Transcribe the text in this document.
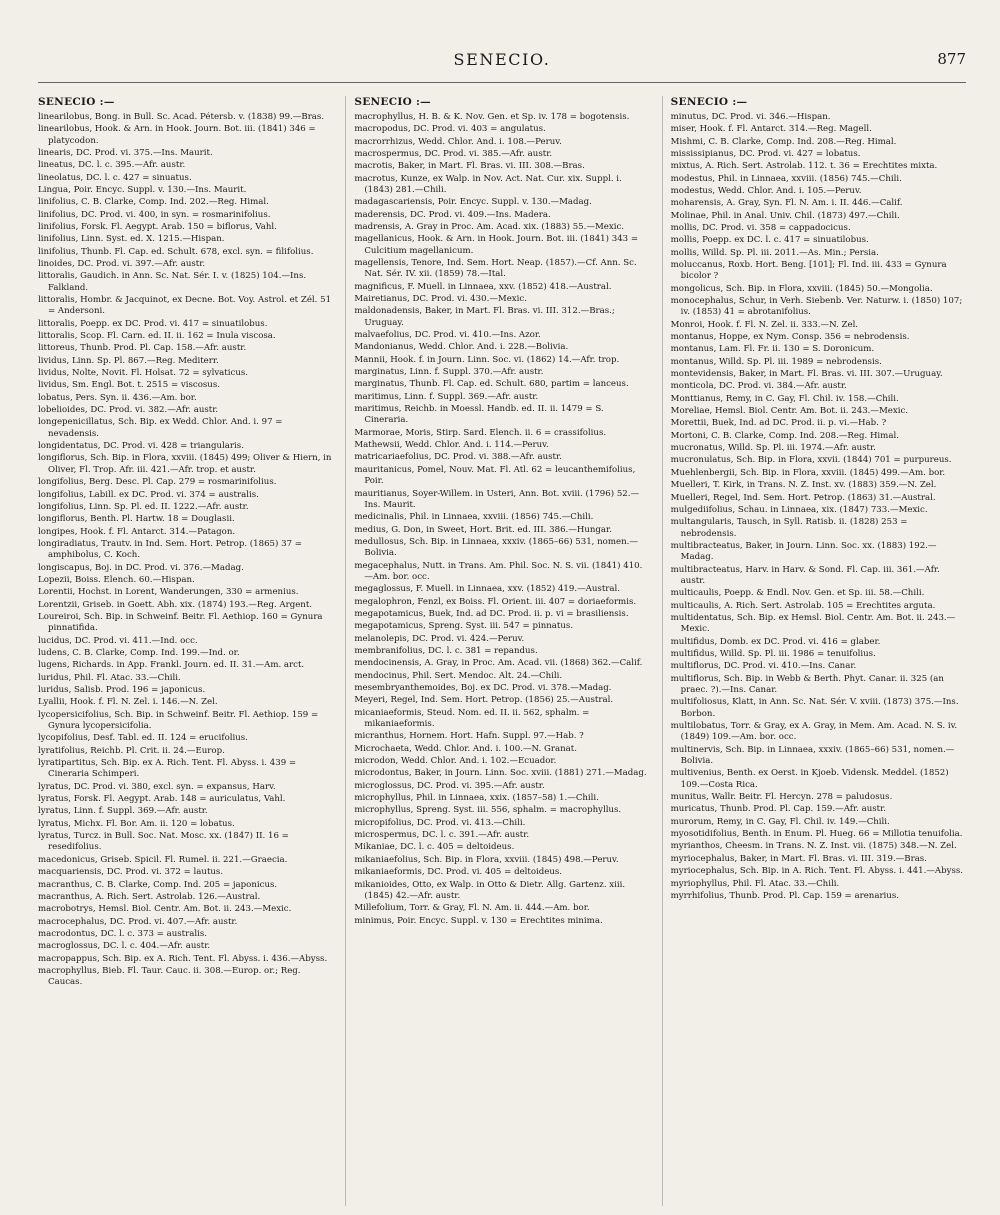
SENECIO.	877
SENECIO :—
linearilobus, Bong. in Bull. Sc. Acad. Pétersb. v. (1838) 99.—Bras.
linearilobus, Hook. & Arn. in Hook. Journ. Bot. iii. (1841) 346 = platycodon.
linearis, DC. Prod. vi. 375.—Ins. Maurit.
lineatus, DC. l. c. 395.—Afr. austr.
lineolatus, DC. l. c. 427 = sinuatus.
Lingua, Poir. Encyc. Suppl. v. 130.—Ins. Maurit.
linifolius, C. B. Clarke, Comp. Ind. 202.—Reg. Himal.
linifolius, DC. Prod. vi. 400, in syn. = rosmarinifolius.
linifolius, Forsk. Fl. Aegypt. Arab. 150 = biflorus, Vahl.
linifolius, Linn. Syst. ed. X. 1215.—Hispan.
linifolius, Thunb. Fl. Cap. ed. Schult. 678, excl. syn. = filifolius.
linoides, DC. Prod. vi. 397.—Afr. austr.
littoralis, Gaudich. in Ann. Sc. Nat. Sér. I. v. (1825) 104.—Ins. Falkland.
littoralis, Hombr. & Jacquinot, ex Decne. Bot. Voy. Astrol. et Zél. 51 = Andersoni.
littoralis, Poepp. ex DC. Prod. vi. 417 = sinuatilobus.
littoralis, Scop. Fl. Carn. ed. II. ii. 162 = Inula viscosa.
littoreus, Thunb. Prod. Pl. Cap. 158.—Afr. austr.
lividus, Linn. Sp. Pl. 867.—Reg. Mediterr.
lividus, Nolte, Novit. Fl. Holsat. 72 = sylvaticus.
lividus, Sm. Engl. Bot. t. 2515 = viscosus.
lobatus, Pers. Syn. ii. 436.—Am. bor.
lobelioides, DC. Prod. vi. 382.—Afr. austr.
longepenicillatus, Sch. Bip. ex Wedd. Chlor. And. i. 97 = nevadensis.
longidentatus, DC. Prod. vi. 428 = triangularis.
longiflorus, Sch. Bip. in Flora, xxviii. (1845) 499; Oliver & Hiern, in Oliver, Fl. Trop. Afr. iii. 421.—Afr. trop. et austr.
longifolius, Berg. Desc. Pl. Cap. 279 = rosmarinifolius.
longifolius, Labill. ex DC. Prod. vi. 374 = australis.
longifolius, Linn. Sp. Pl. ed. II. 1222.—Afr. austr.
longiflorus, Benth. Pl. Hartw. 18 = Douglasii.
longipes, Hook. f. Fl. Antarct. 314.—Patagon.
longiradiatus, Trautv. in Ind. Sem. Hort. Petrop. (1865) 37 = amphibolus, C. Koch.
longiscapus, Boj. in DC. Prod. vi. 376.—Madag.
Lopezii, Boiss. Elench. 60.—Hispan.
Lorentii, Hochst. in Lorent, Wanderungen, 330 = armenius.
Lorentzii, Griseb. in Goett. Abh. xix. (1874) 193.—Reg. Argent.
Loureiroi, Sch. Bip. in Schweinf. Beitr. Fl. Aethiop. 160 = Gynura pinnatifida.
lucidus, DC. Prod. vi. 411.—Ind. occ.
ludens, C. B. Clarke, Comp. Ind. 199.—Ind. or.
lugens, Richards. in App. Frankl. Journ. ed. II. 31.—Am. arct.
luridus, Phil. Fl. Atac. 33.—Chili.
luridus, Salisb. Prod. 196 = japonicus.
Lyallii, Hook. f. Fl. N. Zel. i. 146.—N. Zel.
lycopersicifolius, Sch. Bip. in Schweinf. Beitr. Fl. Aethiop. 159 = Gynura lycopersicifolia.
lycopifolius, Desf. Tabl. ed. II. 124 = erucifolius.
lyratifolius, Reichb. Pl. Crit. ii. 24.—Europ.
lyratipartitus, Sch. Bip. ex A. Rich. Tent. Fl. Abyss. i. 439 = Cineraria Schimperi.
lyratus, DC. Prod. vi. 380, excl. syn. = expansus, Harv.
lyratus, Forsk. Fl. Aegypt. Arab. 148 = auriculatus, Vahl.
lyratus, Linn. f. Suppl. 369.—Afr. austr.
lyratus, Michx. Fl. Bor. Am. ii. 120 = lobatus.
lyratus, Turcz. in Bull. Soc. Nat. Mosc. xx. (1847) II. 16 = resedifolius.
macedonicus, Griseb. Spicil. Fl. Rumel. ii. 221.—Graecia.
macquariensis, DC. Prod. vi. 372 = lautus.
macranthus, C. B. Clarke, Comp. Ind. 205 = japonicus.
macranthus, A. Rich. Sert. Astrolab. 126.—Austral.
macrobotrys, Hemsl. Biol. Centr. Am. Bot. ii. 243.—Mexic.
macrocephalus, DC. Prod. vi. 407.—Afr. austr.
macrodontus, DC. l. c. 373 = australis.
macroglossus, DC. l. c. 404.—Afr. austr.
macropappus, Sch. Bip. ex A. Rich. Tent. Fl. Abyss. i. 436.—Abyss.
macrophyllus, Bieb. Fl. Taur. Cauc. ii. 308.—Europ. or.; Reg. Caucas.
SENECIO :—
macrophyllus, H. B. & K. Nov. Gen. et Sp. iv. 178 = bogotensis.
macropodus, DC. Prod. vi. 403 = angulatus.
macrorrhizus, Wedd. Chlor. And. i. 108.—Peruv.
macrospermus, DC. Prod. vi. 385.—Afr. austr.
macrotis, Baker, in Mart. Fl. Bras. vi. III. 308.—Bras.
macrotus, Kunze, ex Walp. in Nov. Act. Nat. Cur. xix. Suppl. i. (1843) 281.—Chili.
madagascariensis, Poir. Encyc. Suppl. v. 130.—Madag.
maderensis, DC. Prod. vi. 409.—Ins. Madera.
madrensis, A. Gray in Proc. Am. Acad. xix. (1883) 55.—Mexic.
magellanicus, Hook. & Arn. in Hook. Journ. Bot. iii. (1841) 343 = Culcitium magellanicum.
magellensis, Tenore, Ind. Sem. Hort. Neap. (1857).—Cf. Ann. Sc. Nat. Sér. IV. xii. (1859) 78.—Ital.
magnificus, F. Muell. in Linnaea, xxv. (1852) 418.—Austral.
Mairetianus, DC. Prod. vi. 430.—Mexic.
maldonadensis, Baker, in Mart. Fl. Bras. vi. III. 312.—Bras.; Uruguay.
malvaefolius, DC. Prod. vi. 410.—Ins. Azor.
Mandonianus, Wedd. Chlor. And. i. 228.—Bolivia.
Mannii, Hook. f. in Journ. Linn. Soc. vi. (1862) 14.—Afr. trop.
marginatus, Linn. f. Suppl. 370.—Afr. austr.
marginatus, Thunb. Fl. Cap. ed. Schult. 680, partim = lanceus.
maritimus, Linn. f. Suppl. 369.—Afr. austr.
maritimus, Reichb. in Moessl. Handb. ed. II. ii. 1479 = S. Cineraria.
Marmorae, Moris, Stirp. Sard. Elench. ii. 6 = crassifolius.
Mathewsii, Wedd. Chlor. And. i. 114.—Peruv.
matricariaefolius, DC. Prod. vi. 388.—Afr. austr.
mauritanicus, Pomel, Nouv. Mat. Fl. Atl. 62 = leucanthemifolius, Poir.
mauritianus, Soyer-Willem. in Usteri, Ann. Bot. xviii. (1796) 52.—Ins. Maurit.
medicinalis, Phil. in Linnaea, xxviii. (1856) 745.—Chili.
medius, G. Don, in Sweet, Hort. Brit. ed. III. 386.—Hungar.
medullosus, Sch. Bip. in Linnaea, xxxiv. (1865–66) 531, nomen.—Bolivia.
megacephalus, Nutt. in Trans. Am. Phil. Soc. N. S. vii. (1841) 410.—Am. bor. occ.
megaglossus, F. Muell. in Linnaea, xxv. (1852) 419.—Austral.
megalophron, Fenzl, ex Boiss. Fl. Orient. iii. 407 = doriaeformis.
megapotamicus, Buek, Ind. ad DC. Prod. ii. p. vi = brasiliensis.
megapotamicus, Spreng. Syst. iii. 547 = pinnatus.
melanolepis, DC. Prod. vi. 424.—Peruv.
membranifolius, DC. l. c. 381 = repandus.
mendocinensis, A. Gray, in Proc. Am. Acad. vii. (1868) 362.—Calif.
mendocinus, Phil. Sert. Mendoc. Alt. 24.—Chili.
mesembryanthemoides, Boj. ex DC. Prod. vi. 378.—Madag.
Meyeri, Regel, Ind. Sem. Hort. Petrop. (1856) 25.—Austral.
micaniaeformis, Steud. Nom. ed. II. ii. 562, sphalm. = mikaniaeformis.
micranthus, Hornem. Hort. Hafn. Suppl. 97.—Hab. ?
Microchaeta, Wedd. Chlor. And. i. 100.—N. Granat.
microdon, Wedd. Chlor. And. i. 102.—Ecuador.
microdontus, Baker, in Journ. Linn. Soc. xviii. (1881) 271.—Madag.
microglossus, DC. Prod. vi. 395.—Afr. austr.
microphyllus, Phil. in Linnaea, xxix. (1857–58) 1.—Chili.
microphyllus, Spreng. Syst. iii. 556, sphalm. = macrophyllus.
micropifolius, DC. Prod. vi. 413.—Chili.
microspermus, DC. l. c. 391.—Afr. austr.
Mikaniae, DC. l. c. 405 = deltoideus.
mikaniaefolius, Sch. Bip. in Flora, xxviii. (1845) 498.—Peruv.
mikaniaeformis, DC. Prod. vi. 405 = deltoideus.
mikanioides, Otto, ex Walp. in Otto & Dietr. Allg. Gartenz. xiii. (1845) 42.—Afr. austr.
Millefolium, Torr. & Gray, Fl. N. Am. ii. 444.—Am. bor.
minimus, Poir. Encyc. Suppl. v. 130 = Erechtites minima.
SENECIO :—
minutus, DC. Prod. vi. 346.—Hispan.
miser, Hook. f. Fl. Antarct. 314.—Reg. Magell.
Mishmi, C. B. Clarke, Comp. Ind. 208.—Reg. Himal.
mississipianus, DC. Prod. vi. 427 = lobatus.
mixtus, A. Rich. Sert. Astrolab. 112. t. 36 = Erechtites mixta.
modestus, Phil. in Linnaea, xxviii. (1856) 745.—Chili.
modestus, Wedd. Chlor. And. i. 105.—Peruv.
moharensis, A. Gray, Syn. Fl. N. Am. i. II. 446.—Calif.
Molinae, Phil. in Anal. Univ. Chil. (1873) 497.—Chili.
mollis, DC. Prod. vi. 358 = cappadocicus.
mollis, Poepp. ex DC. l. c. 417 = sinuatilobus.
mollis, Willd. Sp. Pl. iii. 2011.—As. Min.; Persia.
moluccanus, Roxb. Hort. Beng. [101]; Fl. Ind. iii. 433 = Gynura bicolor ?
mongolicus, Sch. Bip. in Flora, xxviii. (1845) 50.—Mongolia.
monocephalus, Schur, in Verh. Siebenb. Ver. Naturw. i. (1850) 107; iv. (1853) 41 = abrotanifolius.
Monroi, Hook. f. Fl. N. Zel. ii. 333.—N. Zel.
montanus, Hoppe, ex Nym. Consp. 356 = nebrodensis.
montanus, Lam. Fl. Fr. ii. 130 = S. Doronicum.
montanus, Willd. Sp. Pl. iii. 1989 = nebrodensis.
montevidensis, Baker, in Mart. Fl. Bras. vi. III. 307.—Uruguay.
monticola, DC. Prod. vi. 384.—Afr. austr.
Monttianus, Remy, in C. Gay, Fl. Chil. iv. 158.—Chili.
Moreliae, Hemsl. Biol. Centr. Am. Bot. ii. 243.—Mexic.
Morettii, Buek, Ind. ad DC. Prod. ii. p. vi.—Hab. ?
Mortoni, C. B. Clarke, Comp. Ind. 208.—Reg. Himal.
mucronatus, Willd. Sp. Pl. iii. 1974.—Afr. austr.
mucronulatus, Sch. Bip. in Flora, xxvii. (1844) 701 = purpureus.
Muehlenbergii, Sch. Bip. in Flora, xxviii. (1845) 499.—Am. bor.
Muelleri, T. Kirk, in Trans. N. Z. Inst. xv. (1883) 359.—N. Zel.
Muelleri, Regel, Ind. Sem. Hort. Petrop. (1863) 31.—Austral.
mulgediifolius, Schau. in Linnaea, xix. (1847) 733.—Mexic.
multangularis, Tausch, in Syll. Ratisb. ii. (1828) 253 = nebrodensis.
multibracteatus, Baker, in Journ. Linn. Soc. xx. (1883) 192.—Madag.
multibracteatus, Harv. in Harv. & Sond. Fl. Cap. iii. 361.—Afr. austr.
multicaulis, Poepp. & Endl. Nov. Gen. et Sp. iii. 58.—Chili.
multicaulis, A. Rich. Sert. Astrolab. 105 = Erechtites arguta.
multidentatus, Sch. Bip. ex Hemsl. Biol. Centr. Am. Bot. ii. 243.—Mexic.
multifidus, Domb. ex DC. Prod. vi. 416 = glaber.
multifidus, Willd. Sp. Pl. iii. 1986 = tenuifolius.
multiflorus, DC. Prod. vi. 410.—Ins. Canar.
multiflorus, Sch. Bip. in Webb & Berth. Phyt. Canar. ii. 325 (an praec. ?).—Ins. Canar.
multifoliosus, Klatt, in Ann. Sc. Nat. Sér. V. xviii. (1873) 375.—Ins. Borbon.
multilobatus, Torr. & Gray, ex A. Gray, in Mem. Am. Acad. N. S. iv. (1849) 109.—Am. bor. occ.
multinervis, Sch. Bip. in Linnaea, xxxiv. (1865–66) 531, nomen.—Bolivia.
multivenius, Benth. ex Oerst. in Kjoeb. Vidensk. Meddel. (1852) 109.—Costa Rica.
munitus, Wallr. Beitr. Fl. Hercyn. 278 = paludosus.
muricatus, Thunb. Prod. Pl. Cap. 159.—Afr. austr.
murorum, Remy, in C. Gay, Fl. Chil. iv. 149.—Chili.
myosotidifolius, Benth. in Enum. Pl. Hueg. 66 = Millotia tenuifolia.
myrianthos, Cheesm. in Trans. N. Z. Inst. vii. (1875) 348.—N. Zel.
myriocephalus, Baker, in Mart. Fl. Bras. vi. III. 319.—Bras.
myriocephalus, Sch. Bip. in A. Rich. Tent. Fl. Abyss. i. 441.—Abyss.
myriophyllus, Phil. Fl. Atac. 33.—Chili.
myrrhifolius, Thunb. Prod. Pl. Cap. 159 = arenarius.
